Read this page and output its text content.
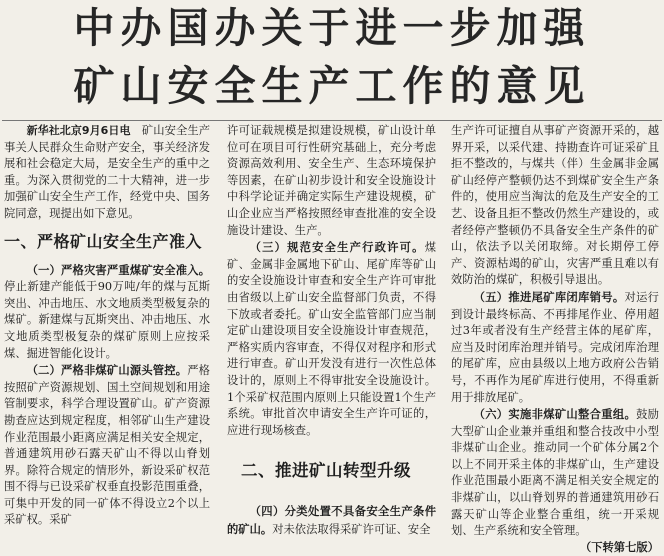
中办国办关于进一步加强
矿山安全生产工作的意见

新华社北京9月6日电  矿山安全生产事关人民群众生命财产安全，事关经济发展和社会稳定大局，是安全生产的重中之重。为深入贯彻党的二十大精神，进一步加强矿山安全生产工作，经党中央、国务院同意，现提出如下意见。

一、严格矿山安全生产准入

（一）严格灾害严重煤矿安全准入。停止新建产能低于90万吨/年的煤与瓦斯突出、冲击地压、水文地质类型极复杂的煤矿。新建煤与瓦斯突出、冲击地压、水文地质类型极复杂的煤矿原则上应按采煤、掘进智能化设计。

（二）严格非煤矿山源头管控。严格按照矿产资源规划、国土空间规划和用途管制要求，科学合理设置矿山。矿产资源勘查应达到规定程度，相邻矿山生产建设作业范围最小距离应满足相关安全规定，普通建筑用砂石露天矿山不得以山脊划界。除符合规定的情形外，新设采矿权范围不得与已设采矿权垂直投影范围重叠，可集中开发的同一矿体不得设立2个以上采矿权。采矿

许可证载规模是拟建设规模，矿山设计单位可在项目可行性研究基础上，充分考虑资源高效利用、安全生产、生态环境保护等因素，在矿山初步设计和安全设施设计中科学论证并确定实际生产建设规模，矿山企业应当严格按照经审查批准的安全设施设计建设、生产。

（三）规范安全生产行政许可。煤矿、金属非金属地下矿山、尾矿库等矿山的安全设施设计审查和安全生产许可审批由省级以上矿山安全监督部门负责，不得下放或者委托。矿山安全监管部门应当制定矿山建设项目安全设施设计审查规范，严格实质内容审查，不得仅对程序和形式进行审查。矿山开发没有进行一次性总体设计的，原则上不得审批安全设施设计。1个采矿权范围内原则上只能设置1个生产系统。审批首次申请安全生产许可证的，应进行现场核查。

二、推进矿山转型升级

（四）分类处置不具备安全生产条件的矿山。对未依法取得采矿许可证、安全

生产许可证擅自从事矿产资源开采的，越界开采，以采代建、持勘查许可证采矿且拒不整改的，与煤共（伴）生金属非金属矿山经停产整顿仍达不到煤矿安全生产条件的，使用应当淘汰的危及生产安全的工艺、设备且拒不整改仍然生产建设的，或者经停产整顿仍不具备安全生产条件的矿山，依法予以关闭取缔。对长期停工停产、资源枯竭的矿山，灾害严重且难以有效防治的煤矿，积极引导退出。

（五）推进尾矿库闭库销号。对运行到设计最终标高、不再排尾作业、停用超过3年或者没有生产经营主体的尾矿库，应当及时闭库治理并销号。完成闭库治理的尾矿库，应由县级以上地方政府公告销号，不再作为尾矿库进行使用，不得重新用于排放尾矿。

（六）实施非煤矿山整合重组。鼓励大型矿山企业兼并重组和整合技改中小型非煤矿山企业。推动同一个矿体分属2个以上不同开采主体的非煤矿山，生产建设作业范围最小距离不满足相关安全规定的非煤矿山，以山脊划界的普通建筑用砂石露天矿山等企业整合重组，统一开采规划、生产系统和安全管理。
（下转第七版）
